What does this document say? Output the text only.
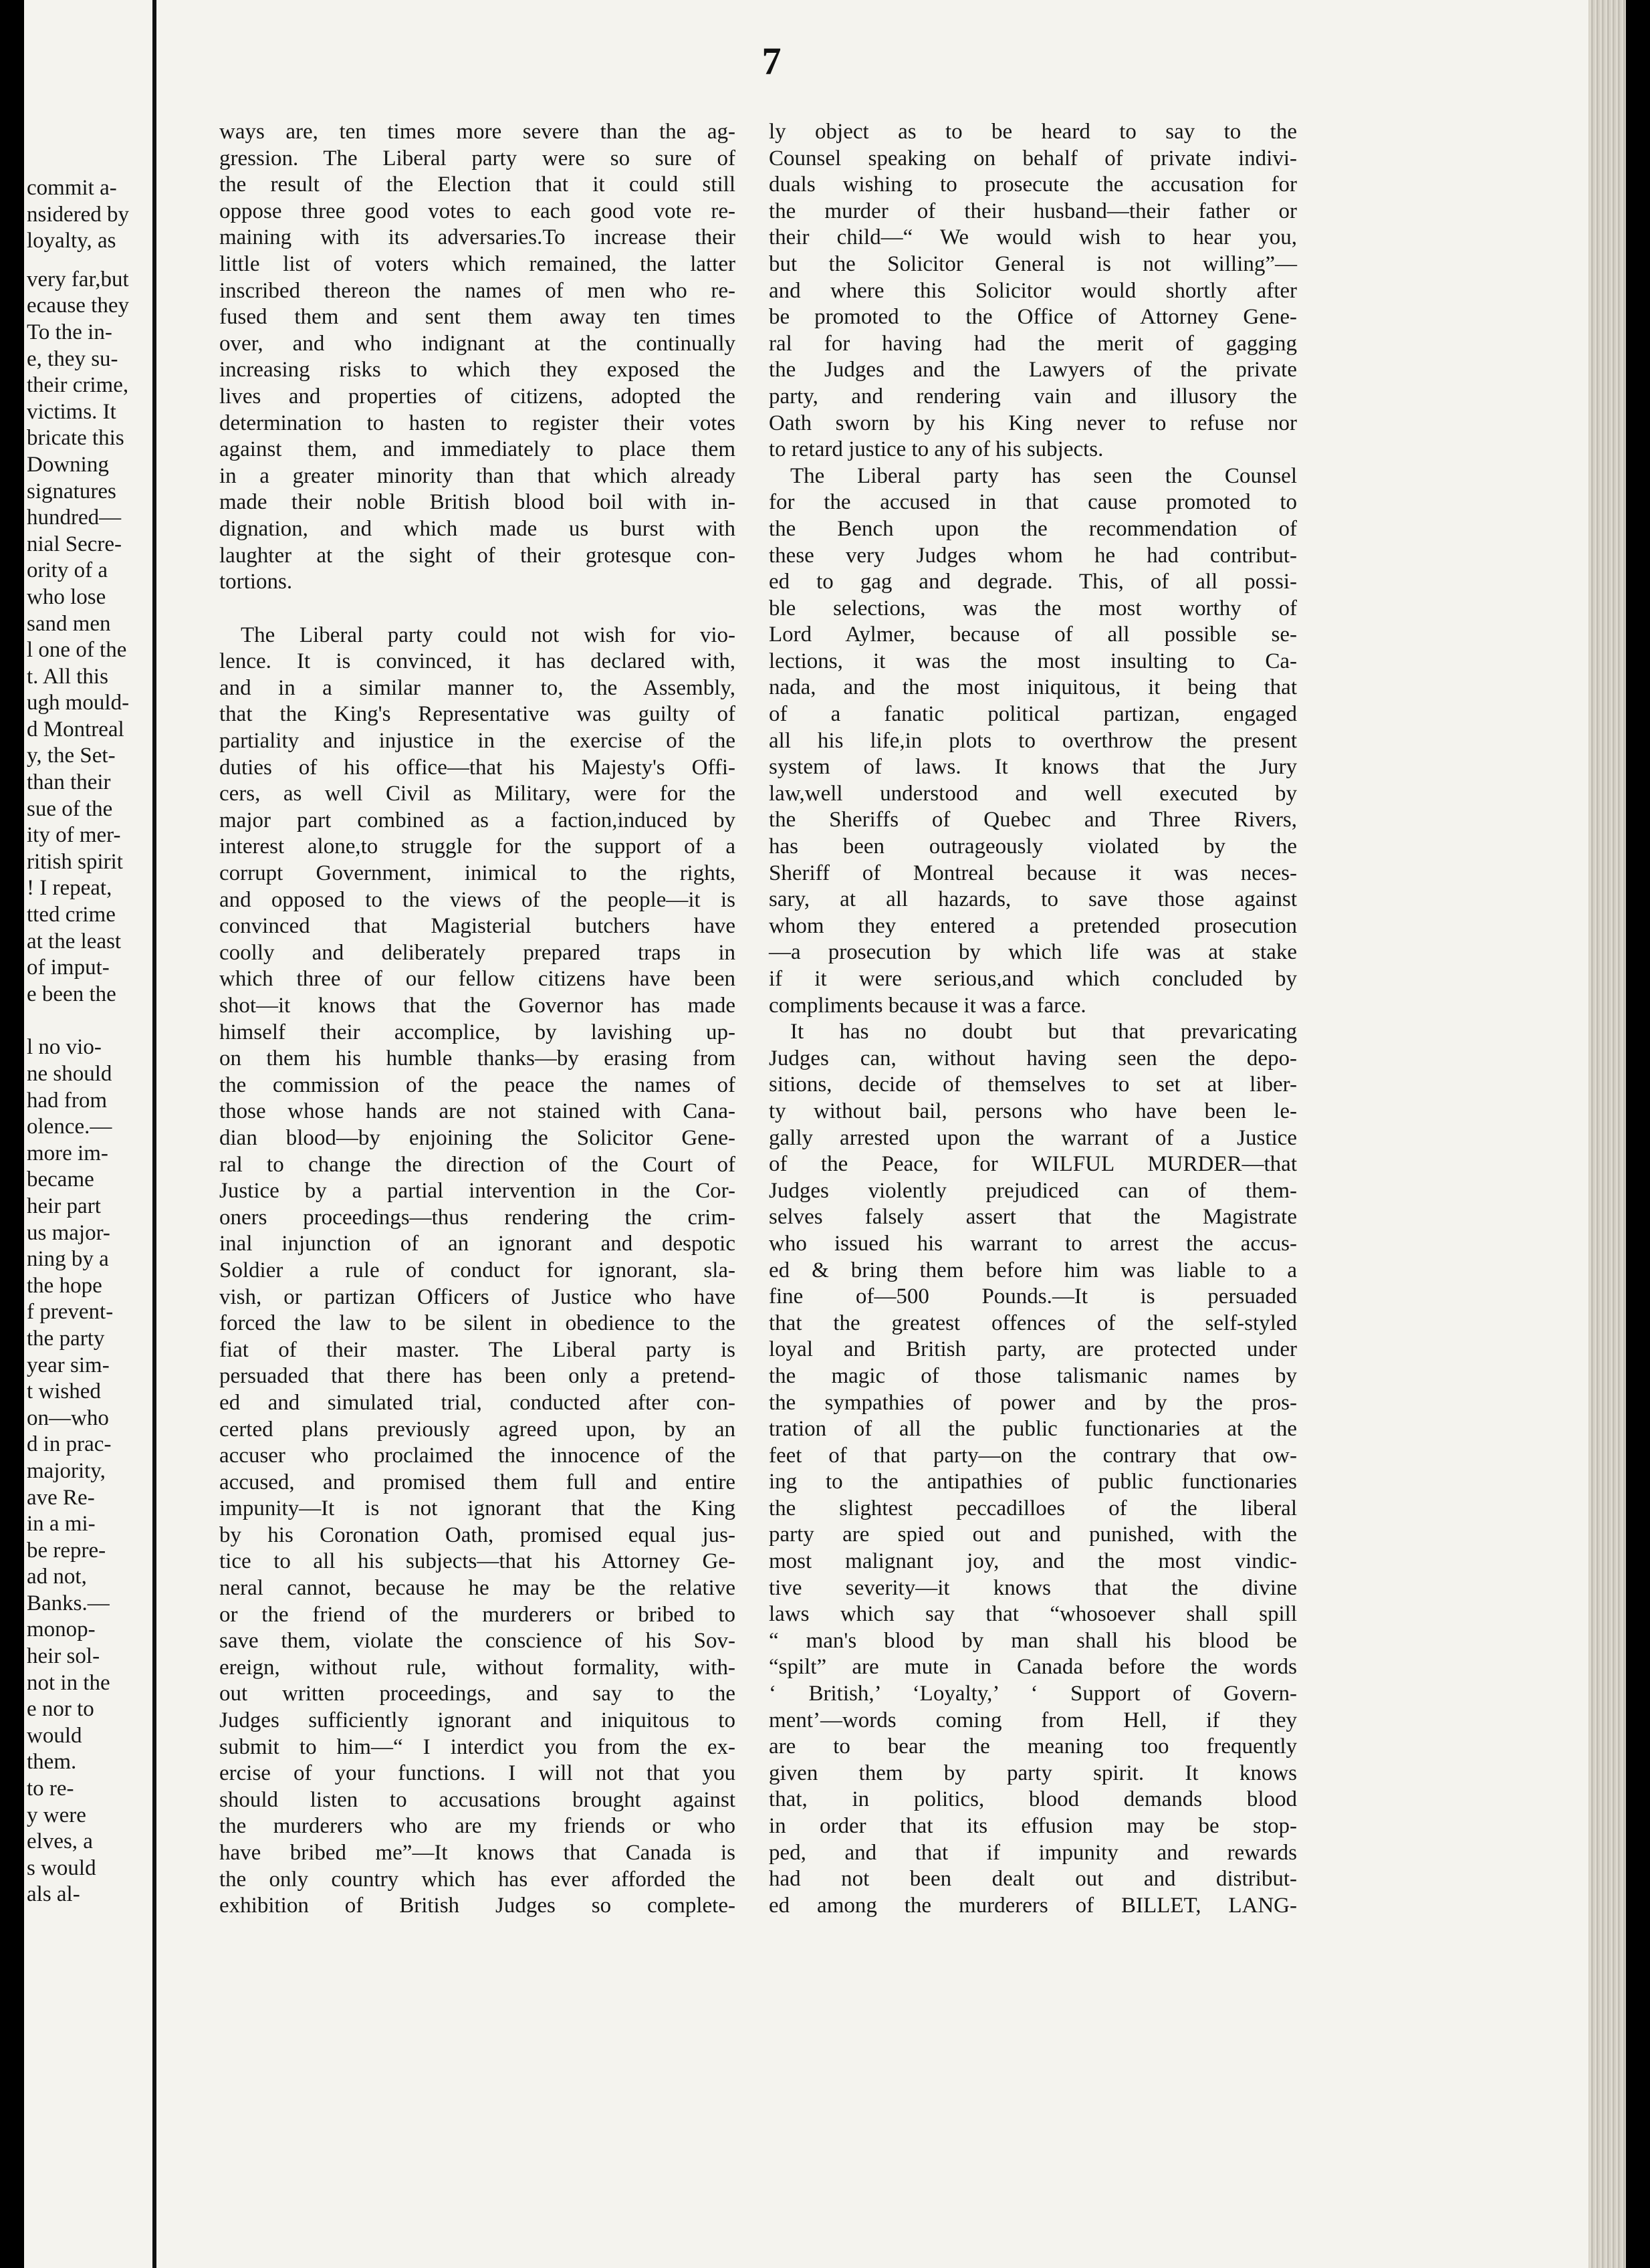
7
commit a-
nsidered by
loyalty, as
very far,but
ecause they
To the in-
e, they su-
their crime,
victims. It
bricate this
Downing
signatures
hundred—
nial Secre-
ority of a
who lose
sand men
l one of the
t. All this
ugh mould-
d Montreal
y, the Set-
than their
sue of the
ity of mer-
ritish spirit
! I repeat,
tted crime
at the least
of imput-
e been the
l no vio-
ne should
had from
olence.—
more im-
became
heir part
us major-
ning by a
the hope
f prevent-
the party
year sim-
t wished
on—who
d in prac-
majority,
ave Re-
in a mi-
be repre-
ad not,
Banks.—
monop-
heir sol-
not in the
e nor to
would
them.
to re-
y were
elves, a
s would
als al-
ways are, ten times more severe than the ag-
gression. The Liberal party were so sure of
the result of the Election that it could still
oppose three good votes to each good vote re-
maining with its adversaries.To increase their
little list of voters which remained, the latter
inscribed thereon the names of men who re-
fused them and sent them away ten times
over, and who indignant at the continually
increasing risks to which they exposed the
lives and properties of citizens, adopted the
determination to hasten to register their votes
against them, and immediately to place them
in a greater minority than that which already
made their noble British blood boil with in-
dignation, and which made us burst with
laughter at the sight of their grotesque con-
tortions.
The Liberal party could not wish for vio-
lence. It is convinced, it has declared with,
and in a similar manner to, the Assembly,
that the King's Representative was guilty of
partiality and injustice in the exercise of the
duties of his office—that his Majesty's Offi-
cers, as well Civil as Military, were for the
major part combined as a faction,induced by
interest alone,to struggle for the support of a
corrupt Government, inimical to the rights,
and opposed to the views of the people—it is
convinced that Magisterial butchers have
coolly and deliberately prepared traps in
which three of our fellow citizens have been
shot—it knows that the Governor has made
himself their accomplice, by lavishing up-
on them his humble thanks—by erasing from
the commission of the peace the names of
those whose hands are not stained with Cana-
dian blood—by enjoining the Solicitor Gene-
ral to change the direction of the Court of
Justice by a partial intervention in the Cor-
oners proceedings—thus rendering the crim-
inal injunction of an ignorant and despotic
Soldier a rule of conduct for ignorant, sla-
vish, or partizan Officers of Justice who have
forced the law to be silent in obedience to the
fiat of their master. The Liberal party is
persuaded that there has been only a pretend-
ed and simulated trial, conducted after con-
certed plans previously agreed upon, by an
accuser who proclaimed the innocence of the
accused, and promised them full and entire
impunity—It is not ignorant that the King
by his Coronation Oath, promised equal jus-
tice to all his subjects—that his Attorney Ge-
neral cannot, because he may be the relative
or the friend of the murderers or bribed to
save them, violate the conscience of his Sov-
ereign, without rule, without formality, with-
out written proceedings, and say to the
Judges sufficiently ignorant and iniquitous to
submit to him—“ I interdict you from the ex-
ercise of your functions. I will not that you
should listen to accusations brought against
the murderers who are my friends or who
have bribed me”—It knows that Canada is
the only country which has ever afforded the
exhibition of British Judges so complete-
ly object as to be heard to say to the
Counsel speaking on behalf of private indivi-
duals wishing to prosecute the accusation for
the murder of their husband—their father or
their child—“ We would wish to hear you,
but the Solicitor General is not willing”—
and where this Solicitor would shortly after
be promoted to the Office of Attorney Gene-
ral for having had the merit of gagging
the Judges and the Lawyers of the private
party, and rendering vain and illusory the
Oath sworn by his King never to refuse nor
to retard justice to any of his subjects.
The Liberal party has seen the Counsel
for the accused in that cause promoted to
the Bench upon the recommendation of
these very Judges whom he had contribut-
ed to gag and degrade. This, of all possi-
ble selections, was the most worthy of
Lord Aylmer, because of all possible se-
lections, it was the most insulting to Ca-
nada, and the most iniquitous, it being that
of a fanatic political partizan, engaged
all his life,in plots to overthrow the present
system of laws. It knows that the Jury
law,well understood and well executed by
the Sheriffs of Quebec and Three Rivers,
has been outrageously violated by the
Sheriff of Montreal because it was neces-
sary, at all hazards, to save those against
whom they entered a pretended prosecution
—a prosecution by which life was at stake
if it were serious,and which concluded by
compliments because it was a farce.
It has no doubt but that prevaricating
Judges can, without having seen the depo-
sitions, decide of themselves to set at liber-
ty without bail, persons who have been le-
gally arrested upon the warrant of a Justice
of the Peace, for WILFUL MURDER—that
Judges violently prejudiced can of them-
selves falsely assert that the Magistrate
who issued his warrant to arrest the accus-
ed & bring them before him was liable to a
fine of—500 Pounds.—It is persuaded
that the greatest offences of the self-styled
loyal and British party, are protected under
the magic of those talismanic names by
the sympathies of power and by the pros-
tration of all the public functionaries at the
feet of that party—on the contrary that ow-
ing to the antipathies of public functionaries
the slightest peccadilloes of the liberal
party are spied out and punished, with the
most malignant joy, and the most vindic-
tive severity—it knows that the divine
laws which say that “whosoever shall spill
“ man's blood by man shall his blood be
“spilt” are mute in Canada before the words
‘ British,’ ‘Loyalty,’ ‘ Support of Govern-
ment’—words coming from Hell, if they
are to bear the meaning too frequently
given them by party spirit. It knows
that, in politics, blood demands blood
in order that its effusion may be stop-
ped, and that if impunity and rewards
had not been dealt out and distribut-
ed among the murderers of BILLET, LANG-
